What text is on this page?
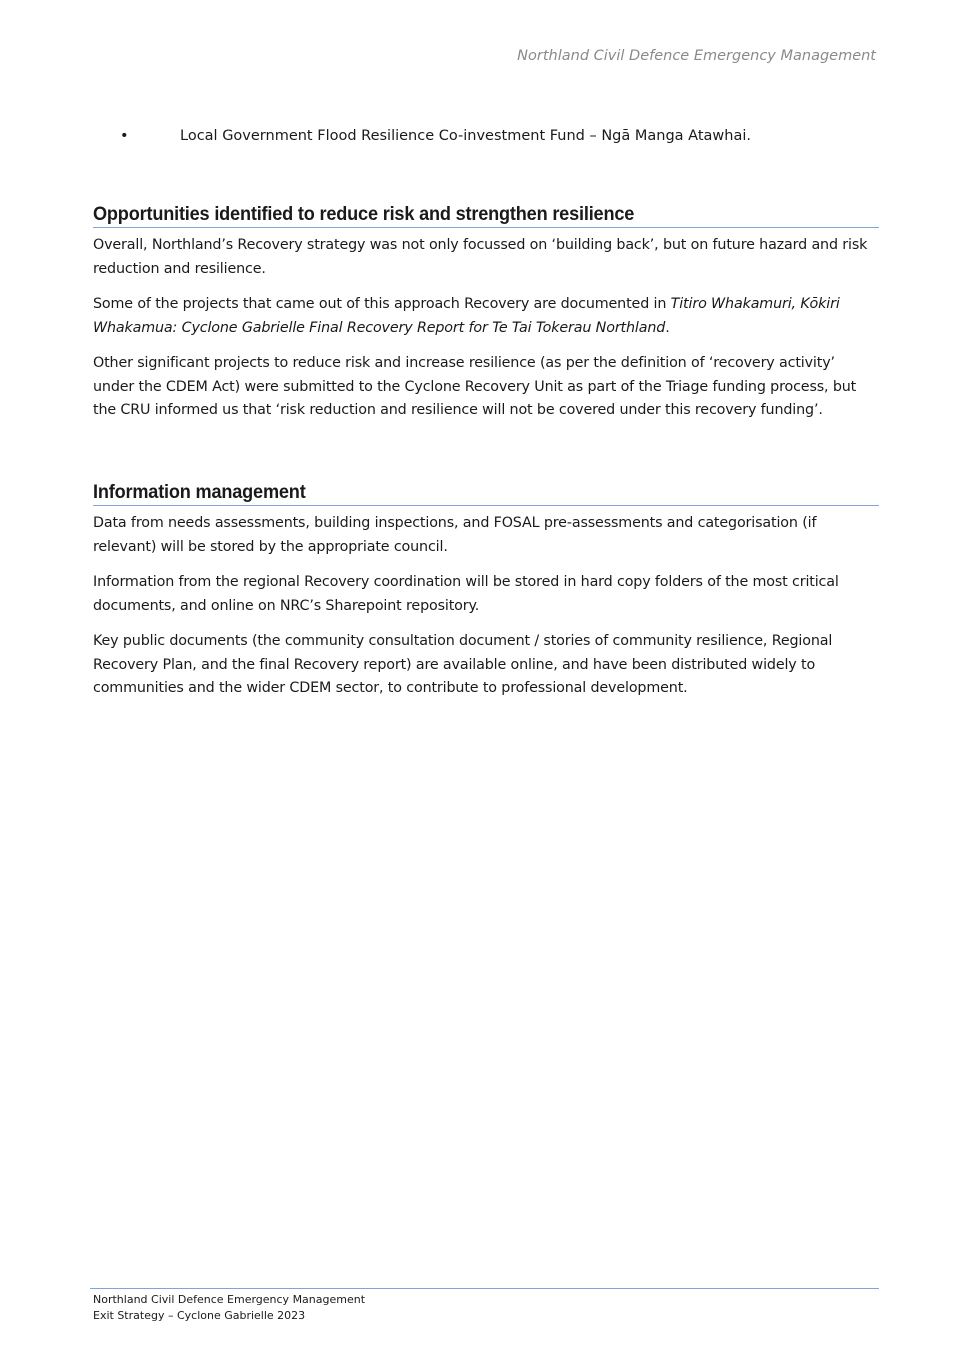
Northland Civil Defence Emergency Management
•	Local Government Flood Resilience Co-investment Fund – Ngā Manga Atawhai.
Opportunities identified to reduce risk and strengthen resilience

Overall, Northland’s Recovery strategy was not only focussed on ‘building back’, but on future hazard and risk reduction and resilience.

Some of the projects that came out of this approach Recovery are documented in Titiro Whakamuri, Kōkiri Whakamua: Cyclone Gabrielle Final Recovery Report for Te Tai Tokerau Northland.

Other significant projects to reduce risk and increase resilience (as per the definition of ‘recovery activity’ under the CDEM Act) were submitted to the Cyclone Recovery Unit as part of the Triage funding process, but the CRU informed us that ‘risk reduction and resilience will not be covered under this recovery funding’.

Information management

Data from needs assessments, building inspections, and FOSAL pre-assessments and categorisation (if relevant) will be stored by the appropriate council.

Information from the regional Recovery coordination will be stored in hard copy folders of the most critical documents, and online on NRC’s Sharepoint repository.

Key public documents (the community consultation document / stories of community resilience, Regional Recovery Plan, and the final Recovery report) are available online, and have been distributed widely to communities and the wider CDEM sector, to contribute to professional development.

Northland Civil Defence Emergency Management
Exit Strategy – Cyclone Gabrielle 2023
